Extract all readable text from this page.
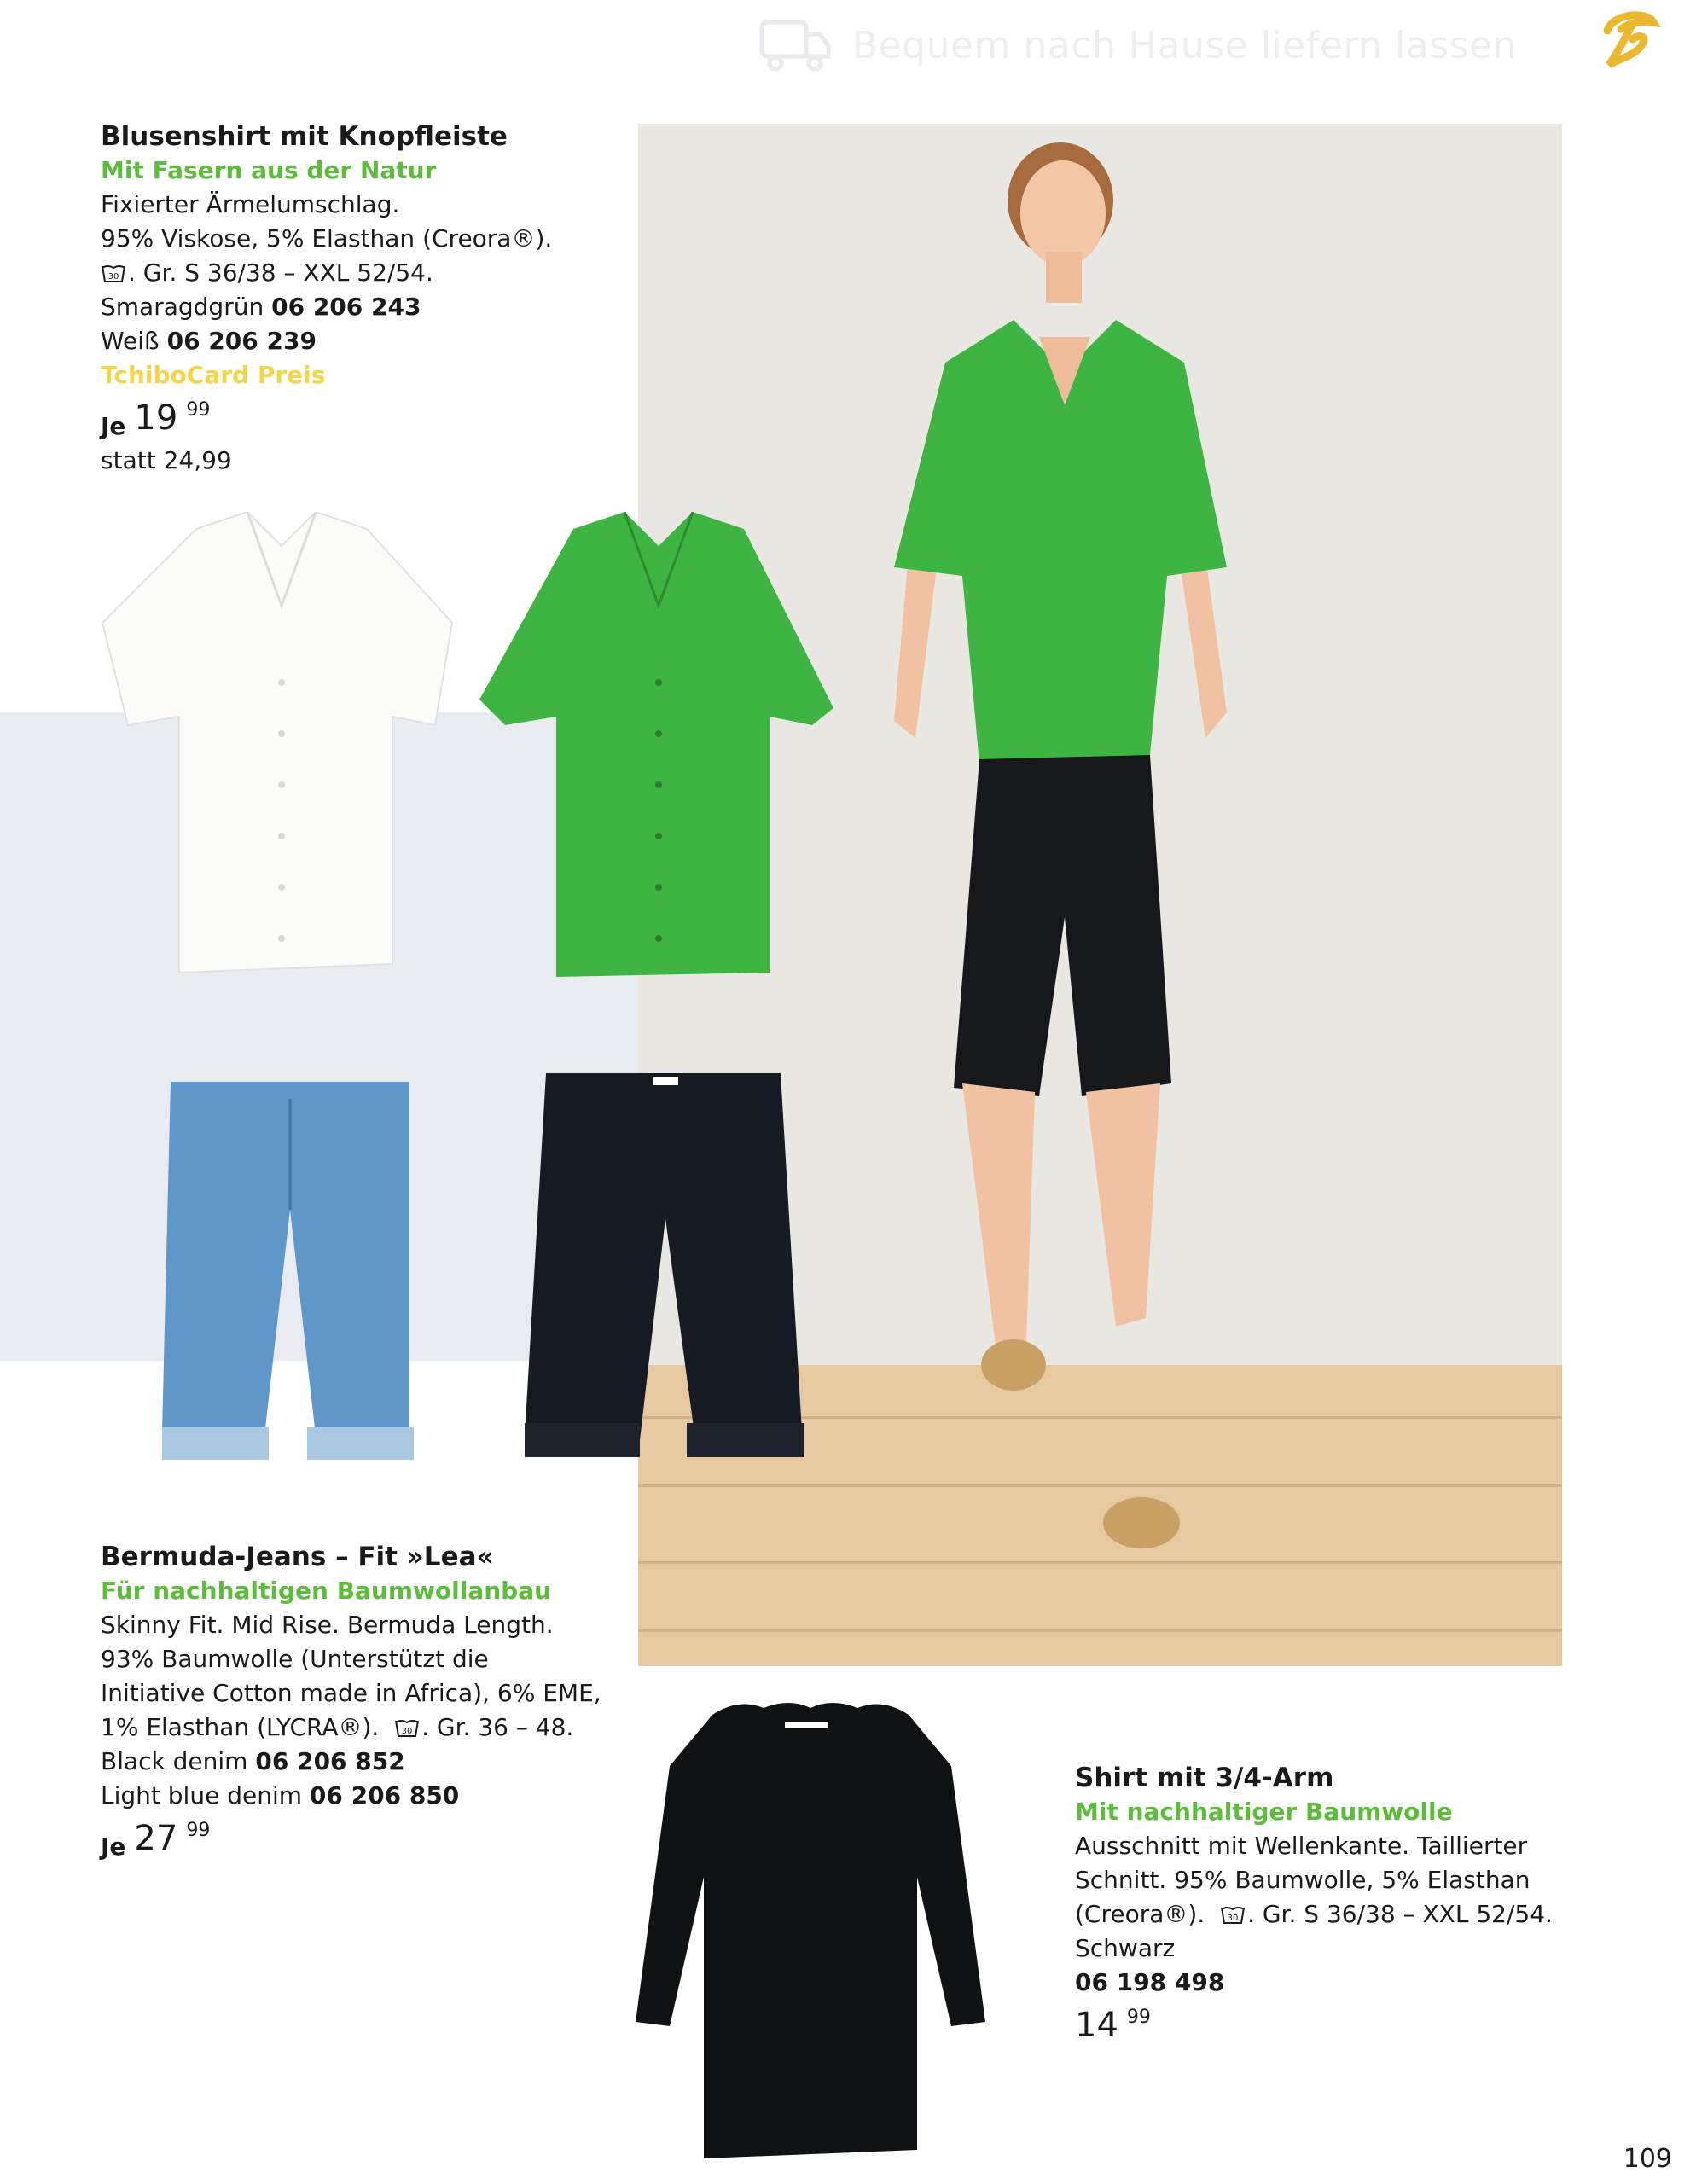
Bequem nach Hause liefern lassen
Blusenshirt mit Knopfleiste
Mit Fasern aus der Natur
Fixierter Ärmelumschlag.
95% Viskose, 5% Elasthan (Creora®).
30 . Gr. S 36/38 – XXL 52/54.
Smaragdgrün 06 206 243
Weiß 06 206 239
TchiboCard Preis
Je 19 99
statt 24,99
Bermuda-Jeans – Fit »Lea«
Für nachhaltigen Baumwollanbau
Skinny Fit. Mid Rise. Bermuda Length.
93% Baumwolle (Unterstützt die
Initiative Cotton made in Africa), 6% EME,
1% Elasthan (LYCRA®).	30 . Gr. 36 – 48.
Black denim 06 206 852
Light blue denim 06 206 850
Je 27 99
Shirt mit 3/4-Arm
Mit nachhaltiger Baumwolle
Ausschnitt mit Wellenkante. Taillierter
Schnitt. 95% Baumwolle, 5% Elasthan
(Creora®).	30 . Gr. S 36/38 – XXL 52/54.
Schwarz
06 198 498
14 99
109
